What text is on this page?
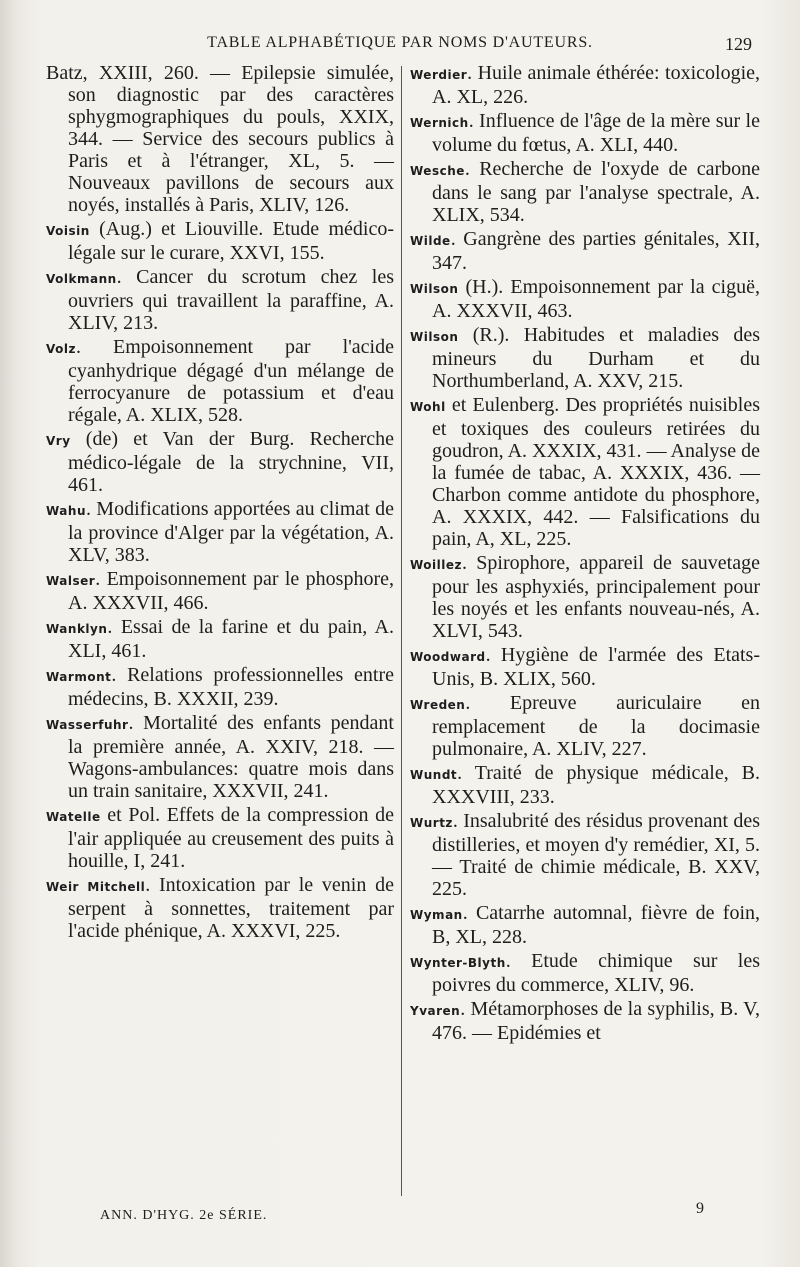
TABLE ALPHABÉTIQUE PAR NOMS D'AUTEURS.	129

Batz, XXIII, 260. — Epilepsie simulée, son diagnostic par des caractères sphygmographiques du pouls, XXIX, 344. — Service des secours publics à Paris et à l'étranger, XL, 5. — Nouveaux pavillons de secours aux noyés, installés à Paris, XLIV, 126.

Voisin (Aug.) et Liouville. Etude médico-légale sur le curare, XXVI, 155.

Volkmann. Cancer du scrotum chez les ouvriers qui travaillent la paraffine, A. XLIV, 213.

Volz. Empoisonnement par l'acide cyanhydrique dégagé d'un mélange de ferrocyanure de potassium et d'eau régale, A. XLIX, 528.

Vry (de) et Van der Burg. Recherche médico-légale de la strychnine, VII, 461.

Wahu. Modifications apportées au climat de la province d'Alger par la végétation, A. XLV, 383.

Walser. Empoisonnement par le phosphore, A. XXXVII, 466.

Wanklyn. Essai de la farine et du pain, A. XLI, 461.

Warmont. Relations professionnelles entre médecins, B. XXXII, 239.

Wasserfuhr. Mortalité des enfants pendant la première année, A. XXIV, 218. — Wagons-ambulances: quatre mois dans un train sanitaire, XXXVII, 241.

Watelle et Pol. Effets de la compression de l'air appliquée au creusement des puits à houille, I, 241.

Weir Mitchell. Intoxication par le venin de serpent à sonnettes, traitement par l'acide phénique, A. XXXVI, 225.

Werdier. Huile animale éthérée: toxicologie, A. XL, 226.

Wernich. Influence de l'âge de la mère sur le volume du fœtus, A. XLI, 440.

Wesche. Recherche de l'oxyde de carbone dans le sang par l'analyse spectrale, A. XLIX, 534.

Wilde. Gangrène des parties génitales, XII, 347.

Wilson (H.). Empoisonnement par la ciguë, A. XXXVII, 463.

Wilson (R.). Habitudes et maladies des mineurs du Durham et du Northumberland, A. XXV, 215.

Wohl et Eulenberg. Des propriétés nuisibles et toxiques des couleurs retirées du goudron, A. XXXIX, 431. — Analyse de la fumée de tabac, A. XXXIX, 436. — Charbon comme antidote du phosphore, A. XXXIX, 442. — Falsifications du pain, A, XL, 225.

Woillez. Spirophore, appareil de sauvetage pour les asphyxiés, principalement pour les noyés et les enfants nouveau-nés, A. XLVI, 543.

Woodward. Hygiène de l'armée des Etats-Unis, B. XLIX, 560.

Wreden. Epreuve auriculaire en remplacement de la docimasie pulmonaire, A. XLIV, 227.

Wundt. Traité de physique médicale, B. XXXVIII, 233.

Wurtz. Insalubrité des résidus provenant des distilleries, et moyen d'y remédier, XI, 5. — Traité de chimie médicale, B. XXV, 225.

Wyman. Catarrhe automnal, fièvre de foin, B, XL, 228.

Wynter-Blyth. Etude chimique sur les poivres du commerce, XLIV, 96.

Yvaren. Métamorphoses de la syphilis, B. V, 476. — Epidémies et

ANN. D'HYG. 2e SÉRIE.	9
